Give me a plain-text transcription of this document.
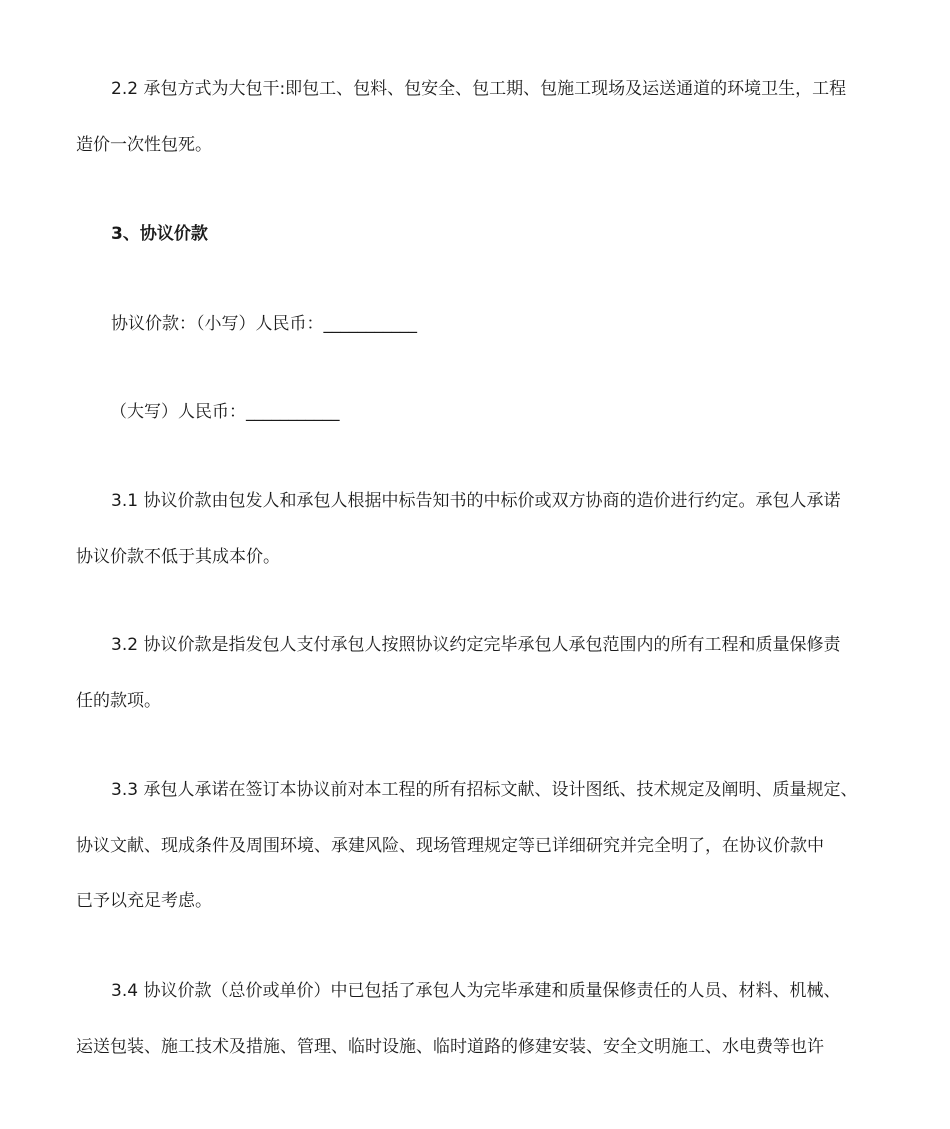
2.2 承包方式为大包干:即包工、包料、包安全、包工期、包施工现场及运送通道的环境卫生，工程
造价一次性包死。
3、协议价款
协议价款：（小写）人民币：___________
（大写）人民币：___________
3.1 协议价款由包发人和承包人根据中标告知书的中标价或双方协商的造价进行约定。承包人承诺
协议价款不低于其成本价。
3.2 协议价款是指发包人支付承包人按照协议约定完毕承包人承包范围内的所有工程和质量保修责
任的款项。
3.3 承包人承诺在签订本协议前对本工程的所有招标文献、设计图纸、技术规定及阐明、质量规定、
协议文献、现成条件及周围环境、承建风险、现场管理规定等已详细研究并完全明了，在协议价款中
已予以充足考虑。
3.4 协议价款（总价或单价）中已包括了承包人为完毕承建和质量保修责任的人员、材料、机械、
运送包装、施工技术及措施、管理、临时设施、临时道路的修建安装、安全文明施工、水电费等也许
